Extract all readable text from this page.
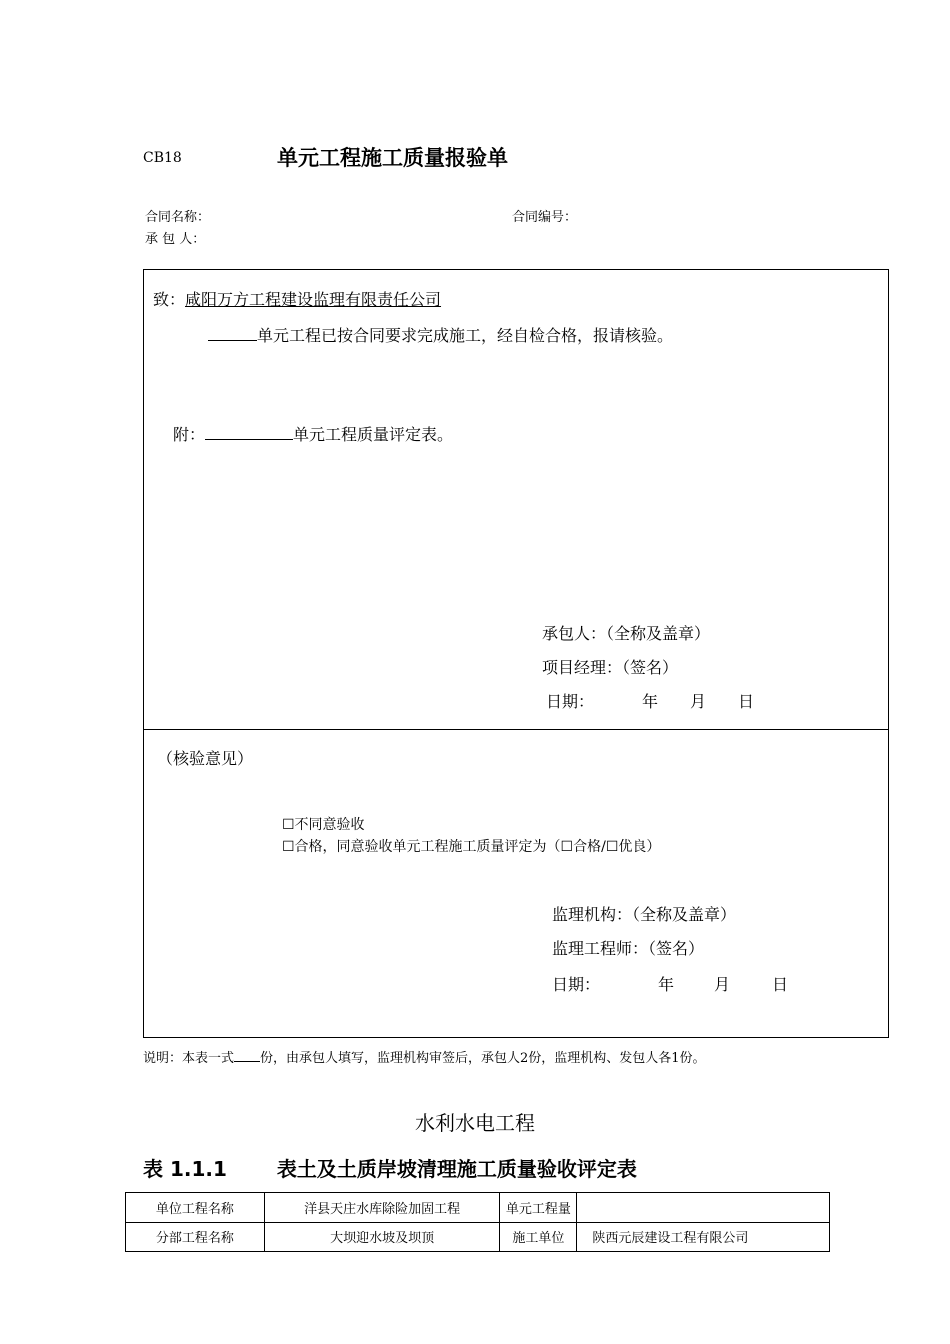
CB18	单元工程施工质量报验单
合同名称：	合同编号：
承 包 人：
致：咸阳万方工程建设监理有限责任公司
单元工程已按合同要求完成施工，经自检合格，报请核验。
附：	单元工程质量评定表。
承包人：（全称及盖章）
项目经理：（签名）
日期：	年 月 日
（核验意见）
☐不同意验收
☐合格，同意验收单元工程施工质量评定为（☐合格/☐优良）
监理机构：（全称及盖章）
监理工程师：（签名）
日期：	年 月	日
说明：本表一式 份，由承包人填写，监理机构审签后，承包人2份，监理机构、发包人各1份。
水利水电工程
表 1.1.1	表土及土质岸坡清理施工质量验收评定表
单位工程名称	洋县天庄水库除险加固工程	单元工程量	
分部工程名称	大坝迎水坡及坝顶	施工单位	陕西元辰建设工程有限公司
